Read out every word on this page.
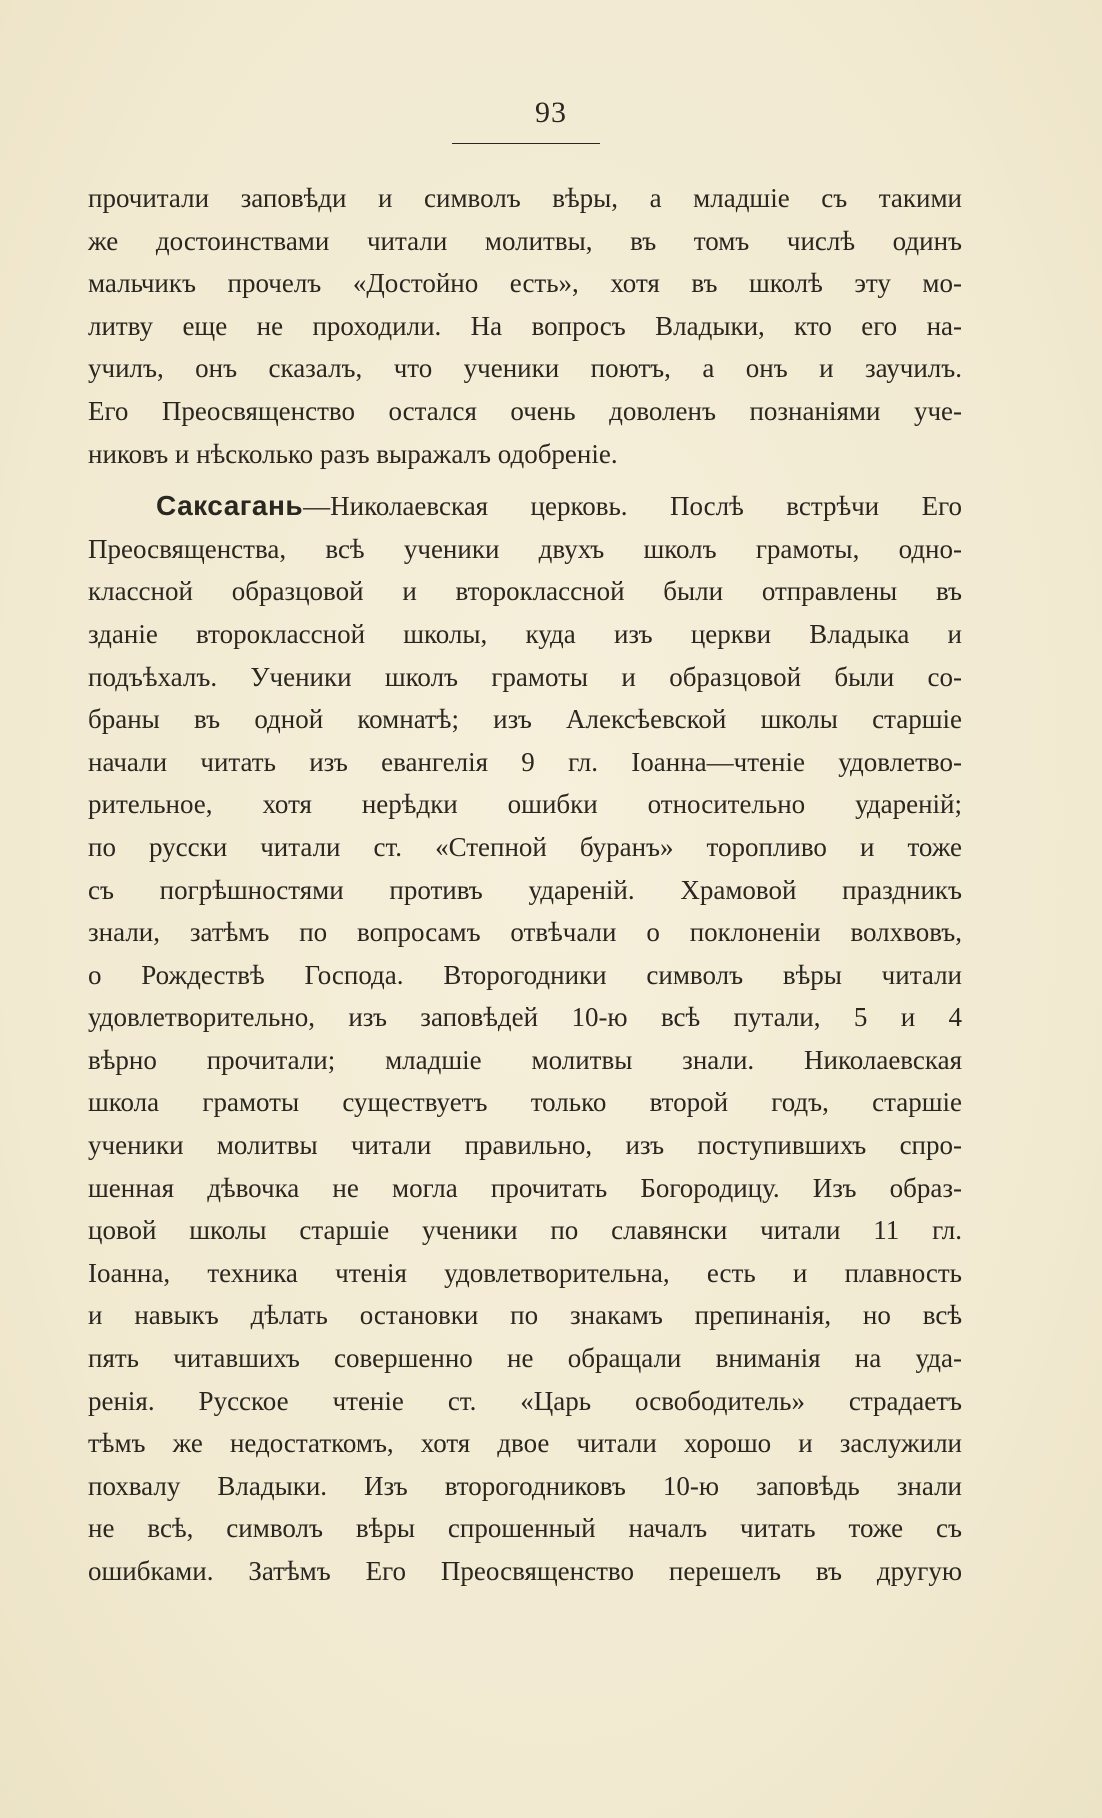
93

прочитали заповѣди и символъ вѣры, а младшіе съ такими
же достоинствами читали молитвы, въ томъ числѣ одинъ
мальчикъ прочелъ «Достойно есть», хотя въ школѣ эту мо-
литву еще не проходили. На вопросъ Владыки, кто его на-
училъ, онъ сказалъ, что ученики поютъ, а онъ и заучилъ.
Его Преосвященство остался очень доволенъ познаніями уче-
никовъ и нѣсколько разъ выражалъ одобреніе.

Саксагань—Николаевская церковь. Послѣ встрѣчи Его
Преосвященства, всѣ ученики двухъ школъ грамоты, одно-
классной образцовой и второклассной были отправлены въ
зданіе второклассной школы, куда изъ церкви Владыка и
подъѣхалъ. Ученики школъ грамоты и образцовой были со-
браны въ одной комнатѣ; изъ Алексѣевской школы старшіе
начали читать изъ евангелія 9 гл. Іоанна—чтеніе удовлетво-
рительное, хотя нерѣдки ошибки относительно удареній;
по русски читали ст. «Степной буранъ» торопливо и тоже
съ погрѣшностями противъ удареній. Храмовой праздникъ
знали, затѣмъ по вопросамъ отвѣчали о поклоненіи волхвовъ,
о Рождествѣ Господа. Второгодники символъ вѣры читали
удовлетворительно, изъ заповѣдей 10-ю всѣ путали, 5 и 4
вѣрно прочитали; младшіе молитвы знали. Николаевская
школа грамоты существуетъ только второй годъ, старшіе
ученики молитвы читали правильно, изъ поступившихъ спро-
шенная дѣвочка не могла прочитать Богородицу. Изъ образ-
цовой школы старшіе ученики по славянски читали 11 гл.
Іоанна, техника чтенія удовлетворительна, есть и плавность
и навыкъ дѣлать остановки по знакамъ препинанія, но всѣ
пять читавшихъ совершенно не обращали вниманія на уда-
ренія. Русское чтеніе ст. «Царь освободитель» страдаетъ
тѣмъ же недостаткомъ, хотя двое читали хорошо и заслужили
похвалу Владыки. Изъ второгодниковъ 10-ю заповѣдь знали
не всѣ, символъ вѣры спрошенный началъ читать тоже съ
ошибками. Затѣмъ Его Преосвященство перешелъ въ другую
